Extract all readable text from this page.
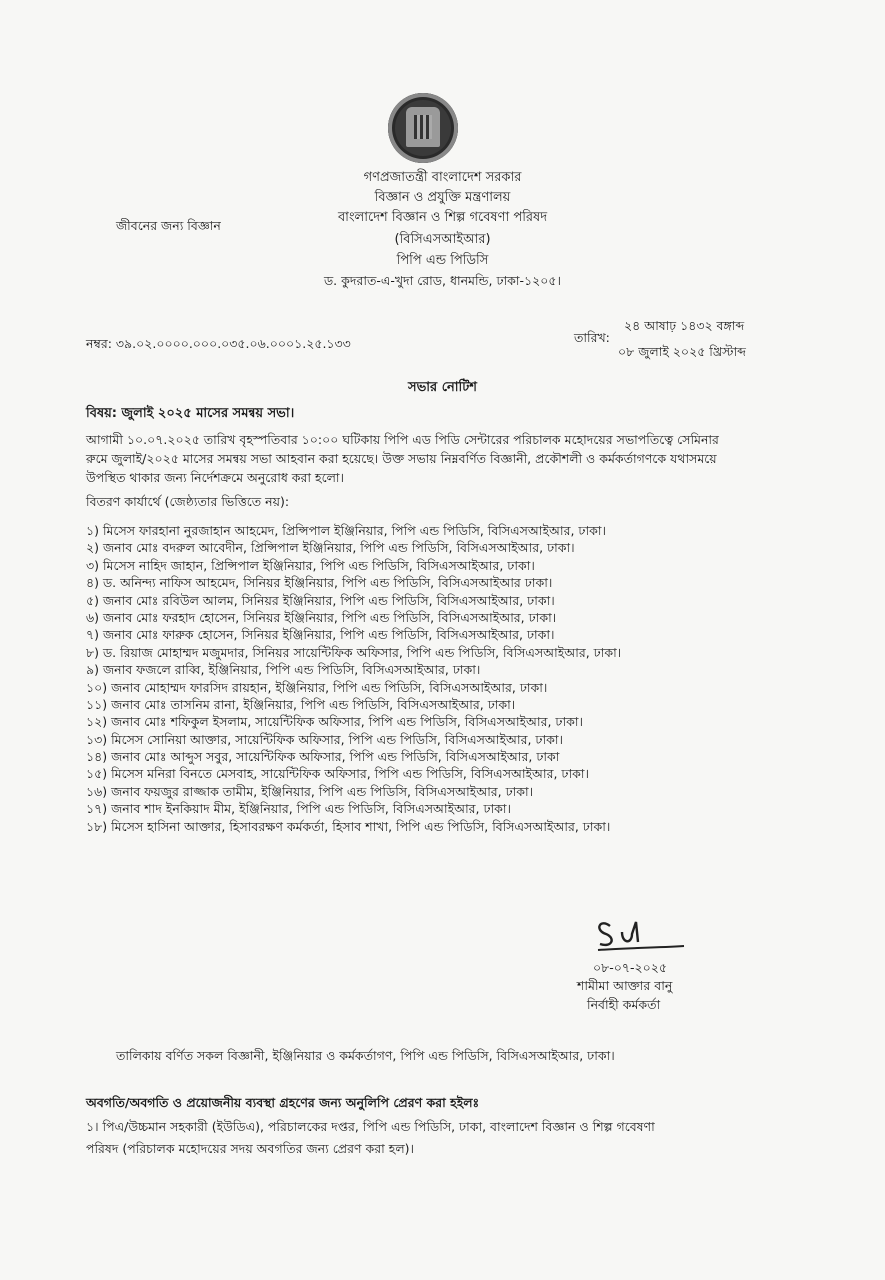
গণপ্রজাতন্ত্রী বাংলাদেশ সরকার
বিজ্ঞান ও প্রযুক্তি মন্ত্রণালয়
বাংলাদেশ বিজ্ঞান ও শিল্প গবেষণা পরিষদ
(বিসিএসআইআর)
পিপি এন্ড পিডিসি
ড. কুদরাত-এ-খুদা রোড, ধানমন্ডি, ঢাকা-১২০৫।
জীবনের জন্য বিজ্ঞান
নম্বর: ৩৯.০২.০০০০.০০০.০৩৫.০৬.০০০১.২৫.১৩৩	তারিখ:
২৪ আষাঢ় ১৪৩২ বঙ্গাব্দ
০৮ জুলাই ২০২৫ খ্রিস্টাব্দ
সভার নোটিশ
বিষয়: জুলাই ২০২৫ মাসের সমন্বয় সভা।
আগামী ১০.০৭.২০২৫ তারিখ বৃহস্পতিবার ১০:০০ ঘটিকায় পিপি এড পিডি সেন্টারের পরিচালক মহোদয়ের সভাপতিত্বে সেমিনার
রুমে জুলাই/২০২৫ মাসের সমন্বয় সভা আহবান করা হয়েছে। উক্ত সভায় নিম্নবর্ণিত বিজ্ঞানী, প্রকৌশলী ও কর্মকর্তাগণকে যথাসময়ে
উপস্থিত থাকার জন্য নির্দেশক্রমে অনুরোধ করা হলো।
বিতরণ কার্যার্থে (জেষ্ঠ্যতার ভিত্তিতে নয়):
১) মিসেস ফারহানা নুরজাহান আহমেদ, প্রিন্সিপাল ইঞ্জিনিয়ার, পিপি এন্ড পিডিসি, বিসিএসআইআর, ঢাকা।
২) জনাব মোঃ বদরুল আবেদীন, প্রিন্সিপাল ইঞ্জিনিয়ার, পিপি এন্ড পিডিসি, বিসিএসআইআর, ঢাকা।
৩) মিসেস নাহিদ জাহান, প্রিন্সিপাল ইঞ্জিনিয়ার, পিপি এন্ড পিডিসি, বিসিএসআইআর, ঢাকা।
৪) ড. অনিন্দ্য নাফিস আহমেদ, সিনিয়র ইঞ্জিনিয়ার, পিপি এন্ড পিডিসি, বিসিএসআইআর ঢাকা।
৫) জনাব মোঃ রবিউল আলম, সিনিয়র ইঞ্জিনিয়ার, পিপি এন্ড পিডিসি, বিসিএসআইআর, ঢাকা।
৬) জনাব মোঃ ফরহাদ হোসেন, সিনিয়র ইঞ্জিনিয়ার, পিপি এন্ড পিডিসি, বিসিএসআইআর, ঢাকা।
৭) জনাব মোঃ ফারুক হোসেন, সিনিয়র ইঞ্জিনিয়ার, পিপি এন্ড পিডিসি, বিসিএসআইআর, ঢাকা।
৮) ড. রিয়াজ মোহাম্মদ মজুমদার, সিনিয়র সায়েন্টিফিক অফিসার, পিপি এন্ড পিডিসি, বিসিএসআইআর, ঢাকা।
৯) জনাব ফজলে রাব্বি, ইঞ্জিনিয়ার, পিপি এন্ড পিডিসি, বিসিএসআইআর, ঢাকা।
১০) জনাব মোহাম্মদ ফারসিদ রায়হান, ইঞ্জিনিয়ার, পিপি এন্ড পিডিসি, বিসিএসআইআর, ঢাকা।
১১) জনাব মোঃ তাসনিম রানা, ইঞ্জিনিয়ার, পিপি এন্ড পিডিসি, বিসিএসআইআর, ঢাকা।
১২) জনাব মোঃ শফিকুল ইসলাম, সায়েন্টিফিক অফিসার, পিপি এন্ড পিডিসি, বিসিএসআইআর, ঢাকা।
১৩) মিসেস সোনিয়া আক্তার, সায়েন্টিফিক অফিসার, পিপি এন্ড পিডিসি, বিসিএসআইআর, ঢাকা।
১৪) জনাব মোঃ আব্দুস সবুর, সায়েন্টিফিক অফিসার, পিপি এন্ড পিডিসি, বিসিএসআইআর, ঢাকা
১৫) মিসেস মনিরা বিনতে মেসবাহ, সায়েন্টিফিক অফিসার, পিপি এন্ড পিডিসি, বিসিএসআইআর, ঢাকা।
১৬) জনাব ফয়জুর রাজ্জাক তামীম, ইঞ্জিনিয়ার, পিপি এন্ড পিডিসি, বিসিএসআইআর, ঢাকা।
১৭) জনাব শাদ ইনকিয়াদ মীম, ইঞ্জিনিয়ার, পিপি এন্ড পিডিসি, বিসিএসআইআর, ঢাকা।
১৮) মিসেস হাসিনা আক্তার, হিসাবরক্ষণ কর্মকর্তা, হিসাব শাখা, পিপি এন্ড পিডিসি, বিসিএসআইআর, ঢাকা।
০৮-০৭-২০২৫
শামীমা আক্তার বানু
নির্বাহী কর্মকর্তা
তালিকায় বর্ণিত সকল বিজ্ঞানী, ইঞ্জিনিয়ার ও কর্মকর্তাগণ, পিপি এন্ড পিডিসি, বিসিএসআইআর, ঢাকা।
অবগতি/অবগতি ও প্রয়োজনীয় ব্যবস্থা গ্রহণের জন্য অনুলিপি প্রেরণ করা হইলঃ
১। পিএ/উচ্চমান সহকারী (ইউডিএ), পরিচালকের দপ্তর, পিপি এন্ড পিডিসি, ঢাকা, বাংলাদেশ বিজ্ঞান ও শিল্প গবেষণা
পরিষদ (পরিচালক মহোদয়ের সদয় অবগতির জন্য প্রেরণ করা হল)।
